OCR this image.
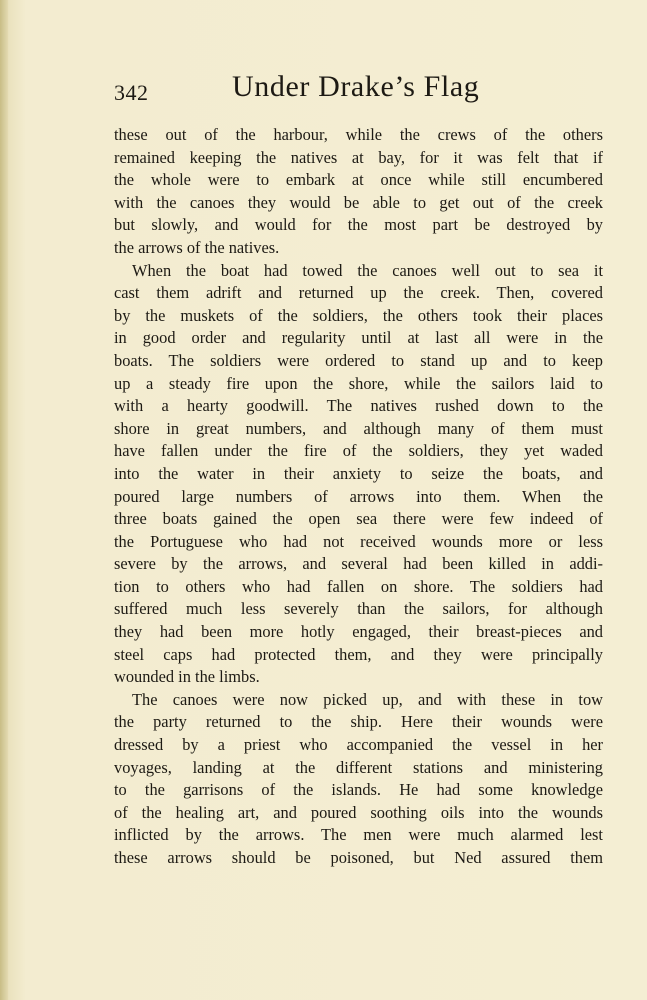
342	Under Drake’s Flag

these out of the harbour, while the crews of the others
remained keeping the natives at bay, for it was felt that if
the whole were to embark at once while still encumbered
with the canoes they would be able to get out of the creek
but slowly, and would for the most part be destroyed by
the arrows of the natives.

When the boat had towed the canoes well out to sea it
cast them adrift and returned up the creek. Then, covered
by the muskets of the soldiers, the others took their places
in good order and regularity until at last all were in the
boats. The soldiers were ordered to stand up and to keep
up a steady fire upon the shore, while the sailors laid to
with a hearty goodwill. The natives rushed down to the
shore in great numbers, and although many of them must
have fallen under the fire of the soldiers, they yet waded
into the water in their anxiety to seize the boats, and
poured large numbers of arrows into them. When the
three boats gained the open sea there were few indeed of
the Portuguese who had not received wounds more or less
severe by the arrows, and several had been killed in addi-
tion to others who had fallen on shore. The soldiers had
suffered much less severely than the sailors, for although
they had been more hotly engaged, their breast-pieces and
steel caps had protected them, and they were principally
wounded in the limbs.

The canoes were now picked up, and with these in tow
the party returned to the ship. Here their wounds were
dressed by a priest who accompanied the vessel in her
voyages, landing at the different stations and ministering
to the garrisons of the islands. He had some knowledge
of the healing art, and poured soothing oils into the wounds
inflicted by the arrows. The men were much alarmed lest
these arrows should be poisoned, but Ned assured them
